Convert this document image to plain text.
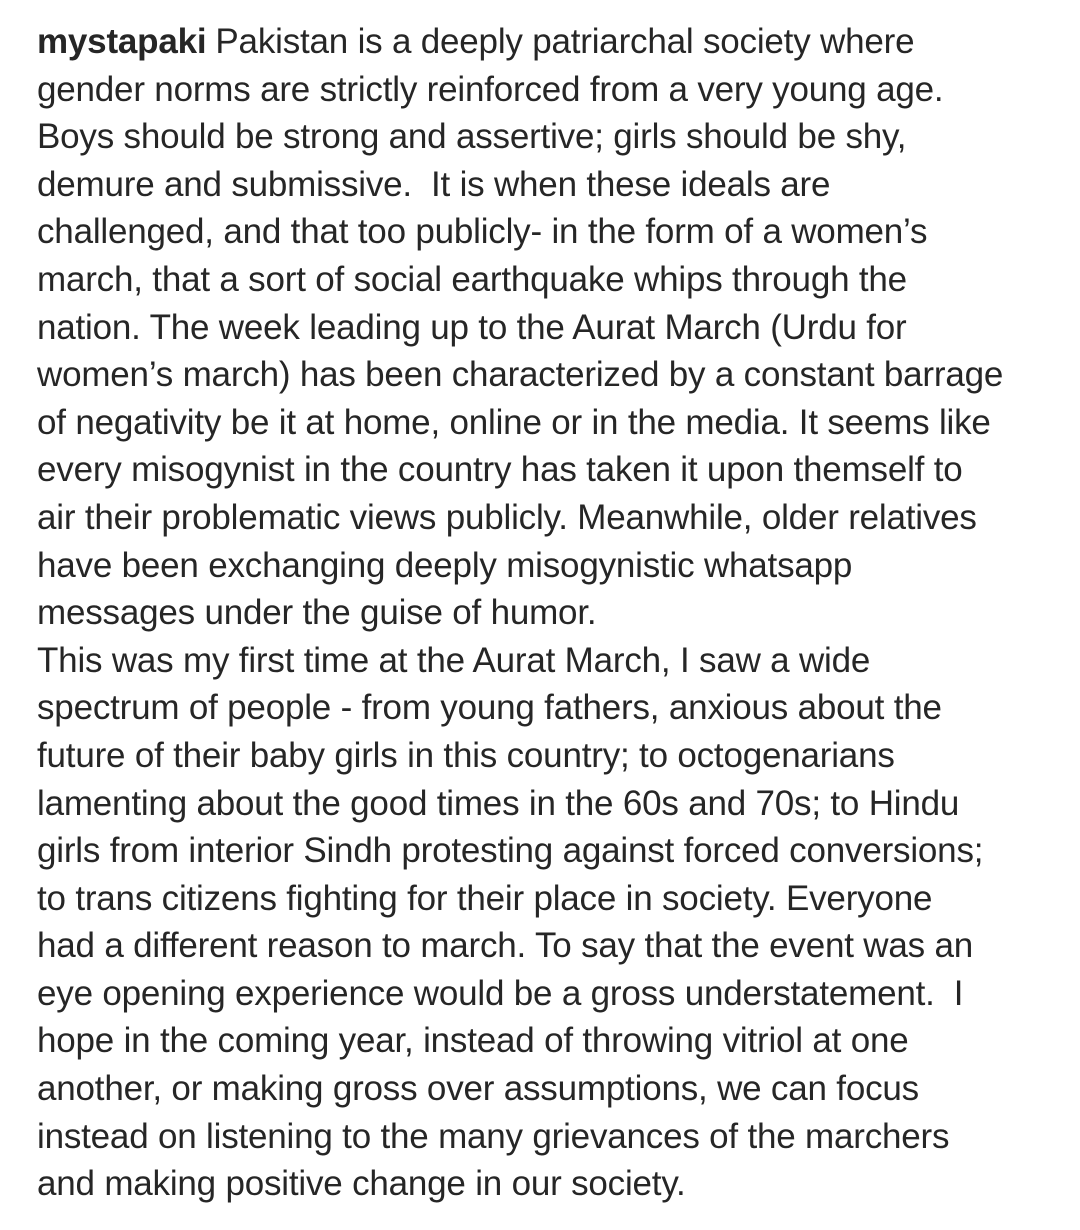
mystapaki Pakistan is a deeply patriarchal society where
gender norms are strictly reinforced from a very young age.
Boys should be strong and assertive; girls should be shy,
demure and submissive.  It is when these ideals are
challenged, and that too publicly- in the form of a women’s
march, that a sort of social earthquake whips through the
nation. The week leading up to the Aurat March (Urdu for
women’s march) has been characterized by a constant barrage
of negativity be it at home, online or in the media. It seems like
every misogynist in the country has taken it upon themself to
air their problematic views publicly. Meanwhile, older relatives
have been exchanging deeply misogynistic whatsapp
messages under the guise of humor.
This was my first time at the Aurat March, I saw a wide
spectrum of people - from young fathers, anxious about the
future of their baby girls in this country; to octogenarians
lamenting about the good times in the 60s and 70s; to Hindu
girls from interior Sindh protesting against forced conversions;
to trans citizens fighting for their place in society. Everyone
had a different reason to march. To say that the event was an
eye opening experience would be a gross understatement.  I
hope in the coming year, instead of throwing vitriol at one
another, or making gross over assumptions, we can focus
instead on listening to the many grievances of the marchers
and making positive change in our society.
